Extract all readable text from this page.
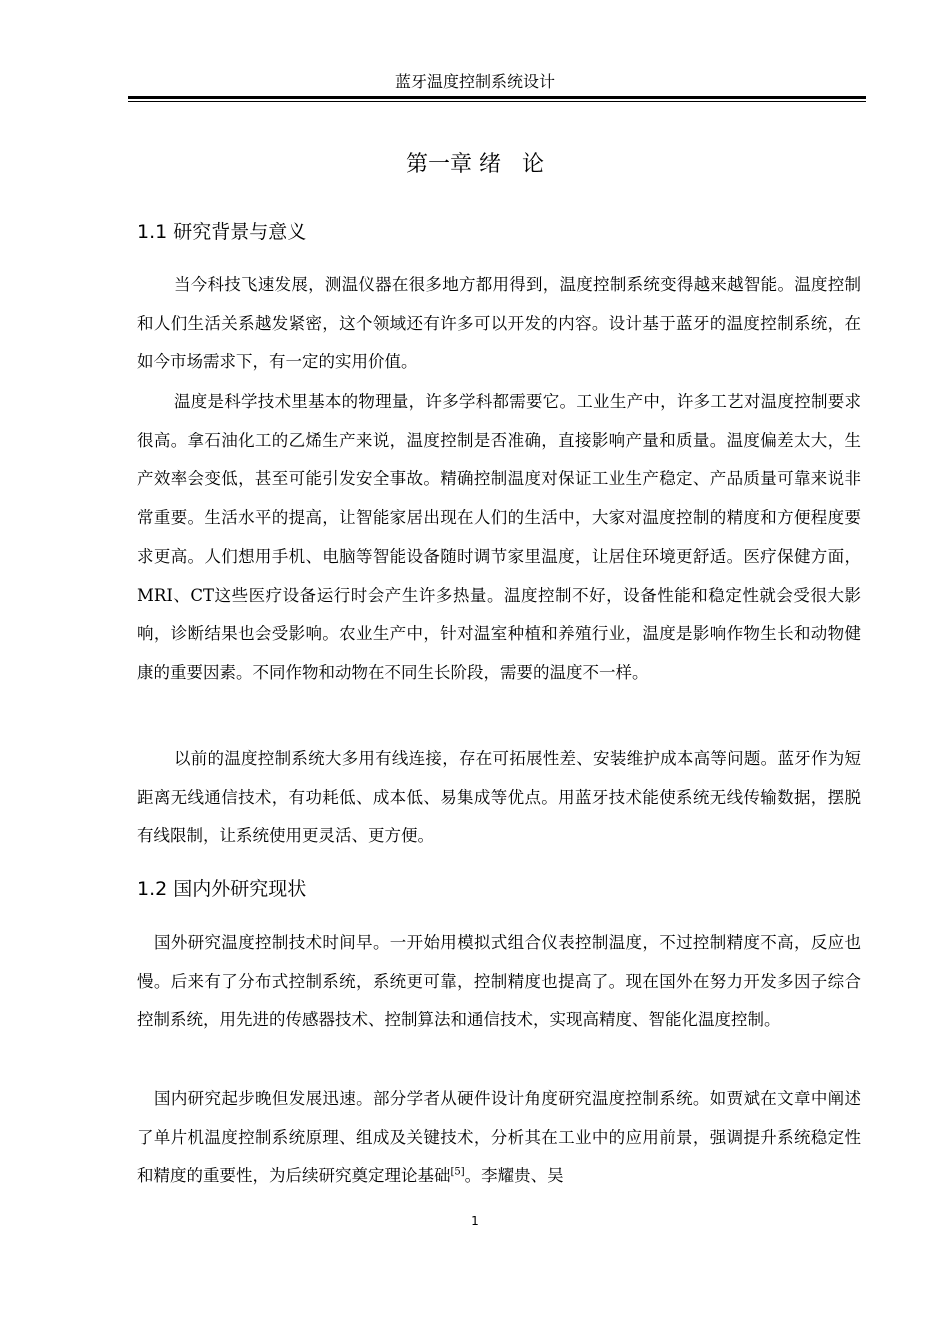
蓝牙温度控制系统设计
第一章 绪   论
1.1 研究背景与意义

当今科技飞速发展，测温仪器在很多地方都用得到，温度控制系统变得越来越智能。温度控制和人们生活关系越发紧密，这个领域还有许多可以开发的内容。设计基于蓝牙的温度控制系统，在如今市场需求下，有一定的实用价值。

温度是科学技术里基本的物理量，许多学科都需要它。工业生产中，许多工艺对温度控制要求很高。拿石油化工的乙烯生产来说，温度控制是否准确，直接影响产量和质量。温度偏差太大，生产效率会变低，甚至可能引发安全事故。精确控制温度对保证工业生产稳定、产品质量可靠来说非常重要。生活水平的提高，让智能家居出现在人们的生活中，大家对温度控制的精度和方便程度要求更高。人们想用手机、电脑等智能设备随时调节家里温度，让居住环境更舒适。医疗保健方面，MRI、CT这些医疗设备运行时会产生许多热量。温度控制不好，设备性能和稳定性就会受很大影响，诊断结果也会受影响。农业生产中，针对温室种植和养殖行业，温度是影响作物生长和动物健康的重要因素。不同作物和动物在不同生长阶段，需要的温度不一样。

以前的温度控制系统大多用有线连接，存在可拓展性差、安装维护成本高等问题。蓝牙作为短距离无线通信技术，有功耗低、成本低、易集成等优点。用蓝牙技术能使系统无线传输数据，摆脱有线限制，让系统使用更灵活、更方便。

1.2 国内外研究现状

国外研究温度控制技术时间早。一开始用模拟式组合仪表控制温度，不过控制精度不高，反应也慢。后来有了分布式控制系统，系统更可靠，控制精度也提高了。现在国外在努力开发多因子综合控制系统，用先进的传感器技术、控制算法和通信技术，实现高精度、智能化温度控制。

国内研究起步晚但发展迅速。部分学者从硬件设计角度研究温度控制系统。如贾斌在文章中阐述了单片机温度控制系统原理、组成及关键技术，分析其在工业中的应用前景，强调提升系统稳定性和精度的重要性，为后续研究奠定理论基础[5]。李耀贵、吴

1
